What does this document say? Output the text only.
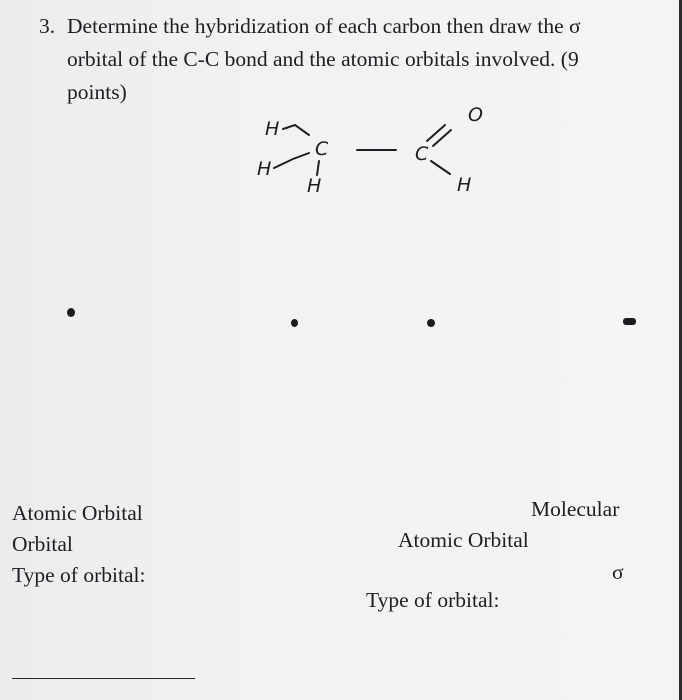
3. Determine the hybridization of each carbon then draw the σ
orbital of the C-C bond and the atomic orbitals involved. (9
points)
H
H
C
H
C
O
H
Atomic Orbital
Orbital
Type of orbital:
Molecular
Atomic Orbital
σ
Type of orbital:
